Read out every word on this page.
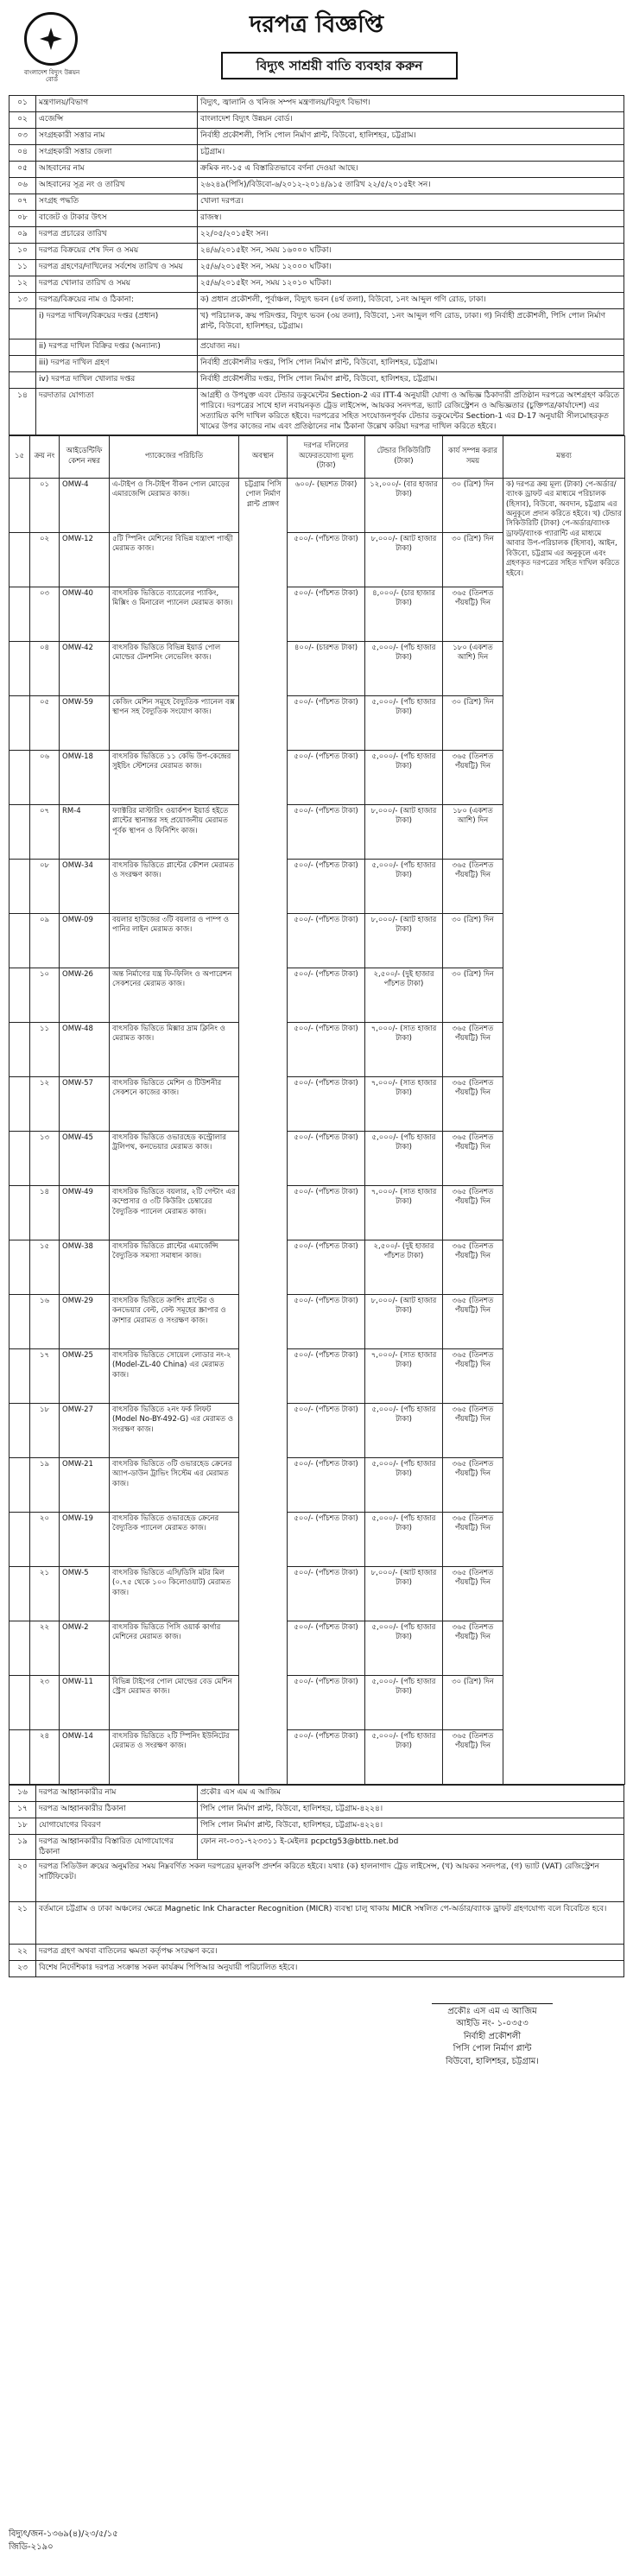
বাংলাদেশ বিদ্যুৎ উন্নয়ন বোর্ড
দরপত্র বিজ্ঞপ্তি
বিদ্যুৎ সাশ্রয়ী বাতি ব্যবহার করুন
০১	মন্ত্রণালয়/বিভাগ	বিদ্যুৎ, জ্বালানি ও খনিজ সম্পদ মন্ত্রণালয়/বিদ্যুৎ বিভাগ।
০২	এজেন্সি	বাংলাদেশ বিদ্যুৎ উন্নয়ন বোর্ড।
০৩	সংগ্রহকারী সত্তার নাম	নির্বাহী প্রকৌশলী, পিসি পোল নির্মাণ প্লান্ট, বিউবো, হালিশহর, চট্টগ্রাম।
০৪	সংগ্রহকারী সত্তার জেলা	চট্টগ্রাম।
০৫	আহবানের নাম	ক্রমিক নং-১৫ এ বিস্তারিতভাবে বর্ণনা দেওয়া আছে।
০৬	আহবানের সূত্র নং ও তারিখ	২৬২৪৯(পিসি)/বিউবো-৬/২০১২-২০১৪/৯১৫ তারিখ ২২/৫/২০১৫ইং সন।
০৭	সংগ্রহ পদ্ধতি	খোলা দরপত্র।
০৮	বাজেট ও টাকার উৎস	রাজস্ব।
০৯	দরপত্র প্রচারের তারিখ	২২/০৫/২০১৫ইং সন।
১০	দরপত্র বিক্রয়ের শেষ দিন ও সময়	২৪/৬/২০১৫ইং সন, সময় ১৬০০০ ঘটিকা।
১১	দরপত্র গ্রহণের/দাখিলের সর্বশেষ তারিখ ও সময়	২৫/৬/২০১৫ইং সন, সময় ১২০০০ ঘটিকা।
১২	দরপত্র খোলার তারিখ ও সময়	২৫/৬/২০১৫ইং সন, সময় ১২০১০ ঘটিকা।
১৩	দরপত্র/বিক্রয়ের নাম ও ঠিকানা:	ক) প্রধান প্রকৌশলী, পূর্বাঞ্চল, বিদ্যুৎ ভবন (৪র্থ তলা), বিউবো, ১নং আব্দুল গণি রোড, ঢাকা।
	i) দরপত্র দাখিল/বিক্রয়ের দপ্তর (প্রধান)	খ) পরিচালক, ক্রয় পরিদপ্তর, বিদ্যুৎ ভবন (৩য় তলা), বিউবো, ১নং আব্দুল গণি রোড, ঢাকা। গ) নির্বাহী প্রকৌশলী, পিসি পোল নির্মাণ প্লান্ট, বিউবো, হালিশহর, চট্টগ্রাম।
	ii) দরপত্র দাখিল বিক্রির দপ্তর (অন্যান্য)	প্রযোজ্য নয়।
	iii) দরপত্র দাখিল গ্রহণ	নির্বাহী প্রকৌশলীর দপ্তর, পিসি পোল নির্মাণ প্লান্ট, বিউবো, হালিশহর, চট্টগ্রাম।
	iv) দরপত্র দাখিল খোলার দপ্তর	নির্বাহী প্রকৌশলীর দপ্তর, পিসি পোল নির্মাণ প্লান্ট, বিউবো, হালিশহর, চট্টগ্রাম।
১৪	দরদাতার যোগ্যতা	আগ্রহী ও উপযুক্ত এবং টেন্ডার ডকুমেন্টের Section-2 এর ITT-4 অনুযায়ী যোগ্য ও অভিজ্ঞ ঠিকাদারী প্রতিষ্ঠান দরপত্রে অংশগ্রহণ করিতে পারিবে। দরপত্রের সাথে হাল নবায়নকৃত ট্রেড লাইসেন্স, আয়কর সনদপত্র, ভ্যাট রেজিস্ট্রেশন ও অভিজ্ঞতার (চুক্তিপত্র/কার্যাদেশ) এর সত্যায়িত কপি দাখিল করিতে হইবে। দরপত্রের সহিত সংযোজনপূর্বক টেন্ডার ডকুমেন্টের Section-1 এর D-17 অনুযায়ী সীলমোহরকৃত খামের উপর কাজের নাম এবং প্রতিষ্ঠানের নাম ঠিকানা উল্লেখ করিয়া দরপত্র দাখিল করিতে হইবে।
১৫	ক্রয় নং	আইডেন্টিফিকেশন নম্বর	প্যাকেজের পরিচিতি	অবস্থান	দরপত্র দলিলের অফেরতযোগ্য মূল্য (টাকা)	টেন্ডার সিকিউরিটি (টাকা)	কার্য সম্পন্ন করার সময়	মন্তব্য
	০১	OMW-4	এ-টাইপ ও সি-টাইপ বীকন পোল মোড়ের এমারজেন্সি মেরামত কাজ।	চট্টগ্রাম পিসি পোল নির্মাণ প্লান্ট প্রাঙ্গণ	৬০০/- (ছয়শত টাকা)	১২,০০০/- (বার হাজার টাকা)	৩০ (ত্রিশ) দিন	ক) দরপত্র ক্রয় মূল্য (টাকা) পে-অর্ডার/ব্যাংক ড্রাফট এর মাধ্যমে পরিচালক (হিসাব), বিউবো, অবদান, চট্টগ্রাম এর অনুকূলে প্রদান করিতে হইবে। খ) টেন্ডার সিকিউরিটি (টাকা) পে-অর্ডার/ব্যাংক ড্রাফট/ব্যাংক গ্যারান্টি এর মাধ্যমে আবার উপ-পরিচালক (হিসাব), আইন, বিউবো, চট্টগ্রাম এর অনুকূলে এবং গ্রহণকৃত দরপত্রের সহিত দাখিল করিতে হইবে।
	০২	OMW-12	৫টি স্পিনিং মেশিনের বিভিন্ন যন্ত্রাংশ পাঙ্খী মেরামত কাজ।		৫০০/- (পাঁচশত টাকা)	৮,০০০/- (আট হাজার টাকা)	৩০ (ত্রিশ) দিন	
	০৩	OMW-40	বাৎসরিক ভিত্তিতে ব্যারেলের প্যাকিং, মিক্সিং ও মিনারেল প্যানেল মেরামত কাজ।		৫০০/- (পাঁচশত টাকা)	৪,০০০/- (চার হাজার টাকা)	৩৬৫ (তিনশত পঁয়ষট্টি) দিন	
	০৪	OMW-42	বাৎসরিক ভিত্তিতে বিভিন্ন ইয়ার্ড পোল মোল্ডের টেনশনিং লেভেলিং কাজ।		৪০০/- (চারশত টাকা)	৫,০০০/- (পাঁচ হাজার টাকা)	১৮০ (একশত আশি) দিন	
	০৫	OMW-59	কেজিং মেশিন সমূহে বৈদ্যুতিক প্যানেল বক্স স্থাপন সহ বৈদ্যুতিক সংযোগ কাজ।		৫০০/- (পাঁচশত টাকা)	৫,০০০/- (পাঁচ হাজার টাকা)	৩০ (ত্রিশ) দিন	
	০৬	OMW-18	বাৎসরিক ভিত্তিতে ১১ কেভি উপ-কেন্দ্রের সুইচিং স্টেশনের মেরামত কাজ।		৫০০/- (পাঁচশত টাকা)	৫,০০০/- (পাঁচ হাজার টাকা)	৩৬৫ (তিনশত পঁয়ষট্টি) দিন	
	০৭	RM-4	ফ্যাক্টরির মাস্টারিং ওয়ার্কশপ ইয়ার্ড হইতে প্লান্টের স্থানান্তর সহ প্রয়োজনীয় মেরামত পূর্বক স্থাপন ও ফিনিশিং কাজ।		৫০০/- (পাঁচশত টাকা)	৮,০০০/- (আট হাজার টাকা)	১৮০ (একশত আশি) দিন	
	০৮	OMW-34	বাৎসরিক ভিত্তিতে প্লান্টের কৌশল মেরামত ও সংরক্ষণ কাজ।		৫০০/- (পাঁচশত টাকা)	৫,০০০/- (পাঁচ হাজার টাকা)	৩৬৫ (তিনশত পঁয়ষট্টি) দিন	
	০৯	OMW-09	বয়লার হাউজের ৩টি বয়লার ও পাম্প ও পানির লাইন মেরামত কাজ।		৫০০/- (পাঁচশত টাকা)	৮,০০০/- (আট হাজার টাকা)	৩০ (ত্রিশ) দিন	
	১০	OMW-26	অন্ত নির্মাণের যন্ত্র ফি-ফিলিং ও অপারেশন সেকশনের মেরামত কাজ।		৫০০/- (পাঁচশত টাকা)	২,৫০০/- (দুই হাজার পাঁচশত টাকা)	৩০ (ত্রিশ) দিন	
	১১	OMW-48	বাৎসরিক ভিত্তিতে মিক্সার দ্রাম ক্লিনিং ও মেরামত কাজ।		৫০০/- (পাঁচশত টাকা)	৭,০০০/- (সাত হাজার টাকা)	৩৬৫ (তিনশত পঁয়ষট্টি) দিন	
	১২	OMW-57	বাৎসরিক ভিত্তিতে মেশিন ও টিউশনীর সেকশনে কাজের কাজ।		৫০০/- (পাঁচশত টাকা)	৭,০০০/- (সাত হাজার টাকা)	৩৬৫ (তিনশত পঁয়ষট্টি) দিন	
	১৩	OMW-45	বাৎসরিক ভিত্তিতে ওভারহেড কন্ট্রোলার ট্রলিপথ, কনভেয়ার মেরামত কাজ।		৫০০/- (পাঁচশত টাকা)	৫,০০০/- (পাঁচ হাজার টাকা)	৩৬৫ (তিনশত পঁয়ষট্টি) দিন	
	১৪	OMW-49	বাৎসরিক ভিত্তিতে বয়লার, ২টি গেন্টাং এর কম্প্রেসার ও ৩টি কিউরিং চেম্বারের বৈদ্যুতিক প্যানেল মেরামত কাজ।		৫০০/- (পাঁচশত টাকা)	৭,০০০/- (সাত হাজার টাকা)	৩৬৫ (তিনশত পঁয়ষট্টি) দিন	
	১৫	OMW-38	বাৎসরিক ভিত্তিতে প্লান্টের এমার্জেন্সি বৈদ্যুতিক সমস্যা সমাধান কাজ।		৫০০/- (পাঁচশত টাকা)	২,৫০০/- (দুই হাজার পাঁচশত টাকা)	৩৬৫ (তিনশত পঁয়ষট্টি) দিন	
	১৬	OMW-29	বাৎসরিক ভিত্তিতে ক্রাশিং প্লান্টের ও কনভেয়ার বেল্ট, বেল্ট সমূহের স্ক্রাপার ও ক্রাশার মেরামত ও সংরক্ষণ কাজ।		৫০০/- (পাঁচশত টাকা)	৮,০০০/- (আট হাজার টাকা)	৩৬৫ (তিনশত পঁয়ষট্টি) দিন	
	১৭	OMW-25	বাৎসরিক ভিত্তিতে সোয়েল লোডার নং-২ (Model-ZL-40 China) এর মেরামত কাজ।		৫০০/- (পাঁচশত টাকা)	৭,০০০/- (সাত হাজার টাকা)	৩৬৫ (তিনশত পঁয়ষট্টি) দিন	
	১৮	OMW-27	বাৎসরিক ভিত্তিতে ২নং ফর্ক লিফট (Model No-BY-492-G) এর মেরামত ও সংরক্ষণ কাজ।		৫০০/- (পাঁচশত টাকা)	৫,০০০/- (পাঁচ হাজার টাকা)	৩৬৫ (তিনশত পঁয়ষট্টি) দিন	
	১৯	OMW-21	বাৎসরিক ভিত্তিতে ৩টি ওভারহেড ক্রেনের অ্যাপ-ডাউন ট্রাভিং সিস্টেম এর মেরামত কাজ।		৫০০/- (পাঁচশত টাকা)	৫,০০০/- (পাঁচ হাজার টাকা)	৩৬৫ (তিনশত পঁয়ষট্টি) দিন	
	২০	OMW-19	বাৎসরিক ভিত্তিতে ওভারহেড ক্রেনের বৈদ্যুতিক প্যানেল মেরামত কাজ।		৫০০/- (পাঁচশত টাকা)	৫,০০০/- (পাঁচ হাজার টাকা)	৩৬৫ (তিনশত পঁয়ষট্টি) দিন	
	২১	OMW-5	বাৎসরিক ভিত্তিতে এসি/ডিসি মটর মিল (০.৭৫ থেকে ১০০ কিলোওয়াট) মেরামত কাজ।		৫০০/- (পাঁচশত টাকা)	৮,০০০/- (আট হাজার টাকা)	৩৬৫ (তিনশত পঁয়ষট্টি) দিন	
	২২	OMW-2	বাৎসরিক ভিত্তিতে পিসি ওয়ার্ক কার্গার মেশিনের মেরামত কাজ।		৫০০/- (পাঁচশত টাকা)	৫,০০০/- (পাঁচ হাজার টাকা)	৩৬৫ (তিনশত পঁয়ষট্টি) দিন	
	২৩	OMW-11	বিভিন্ন টাইপের পোল মোল্ডের বেড মেশিন স্ট্রেস মেরামত কাজ।		৫০০/- (পাঁচশত টাকা)	৫,০০০/- (পাঁচ হাজার টাকা)	৩০ (ত্রিশ) দিন	
	২৪	OMW-14	বাৎসরিক ভিত্তিতে ২টি স্পিনিং ইউনিটের মেরামত ও সংরক্ষণ কাজ।		৫০০/- (পাঁচশত টাকা)	৫,০০০/- (পাঁচ হাজার টাকা)	৩৬৫ (তিনশত পঁয়ষট্টি) দিন	
১৬	দরপত্র আহ্বানকারীর নাম	প্রকৌঃ এস এম এ আজিম
১৭	দরপত্র আহ্বানকারীর ঠিকানা	পিসি পোল নির্মাণ প্লান্ট, বিউবো, হালিশহর, চট্টগ্রাম-৪২২৪।
১৮	যোগাযোগের বিবরণ	পিসি পোল নির্মাণ প্লান্ট, বিউবো, হালিশহর, চট্টগ্রাম-৪২২৪।
১৯	দরপত্র আহ্বানকারীর বিস্তারিত যোগাযোগের ঠিকানা	ফোন নং-০৩১-৭২৩৩১১ ই-মেইলঃ pcpctg53@bttb.net.bd
২০	দরপত্র সিডিউল ক্রয়ের অনুমতির সময় নিম্নবর্ণিত সকল দরপত্রের মূলকপি প্রদর্শন করিতে হইবে। যথাঃ (ক) হালনাগাদ ট্রেড লাইসেন্স, (খ) আয়কর সনদপত্র, (গ) ভ্যাট (VAT) রেজিস্ট্রেশন সার্টিফিকেট।	
২১	বর্তমানে চট্টগ্রাম ও ঢাকা অঞ্চলের ক্ষেত্রে Magnetic Ink Character Recognition (MICR) ব্যবস্থা চালু থাকায় MICR সম্বলিত পে-অর্ডার/ব্যাংক ড্রাফট গ্রহণযোগ্য বলে বিবেচিত হবে।	
২২	দরপত্র গ্রহণ অথবা বাতিলের ক্ষমতা কর্তৃপক্ষ সংরক্ষণ করে।	
২৩	বিশেষ নির্দেশিকাঃ দরপত্র সংক্রান্ত সকল কার্যক্রম পিপিআর অনুযায়ী পরিচালিত হইবে।	
প্রকৌঃ এস এম এ আজিম
আইডি নং- ১-০৩৫৩
নির্বাহী প্রকৌশলী
পিসি পোল নির্মাণ প্লান্ট
বিউবো, হালিশহর, চট্টগ্রাম।
বিদ্যুৎ/জন-১৩৬৯(৪)/২৩/৫/১৫
জিডি-২১৯০
